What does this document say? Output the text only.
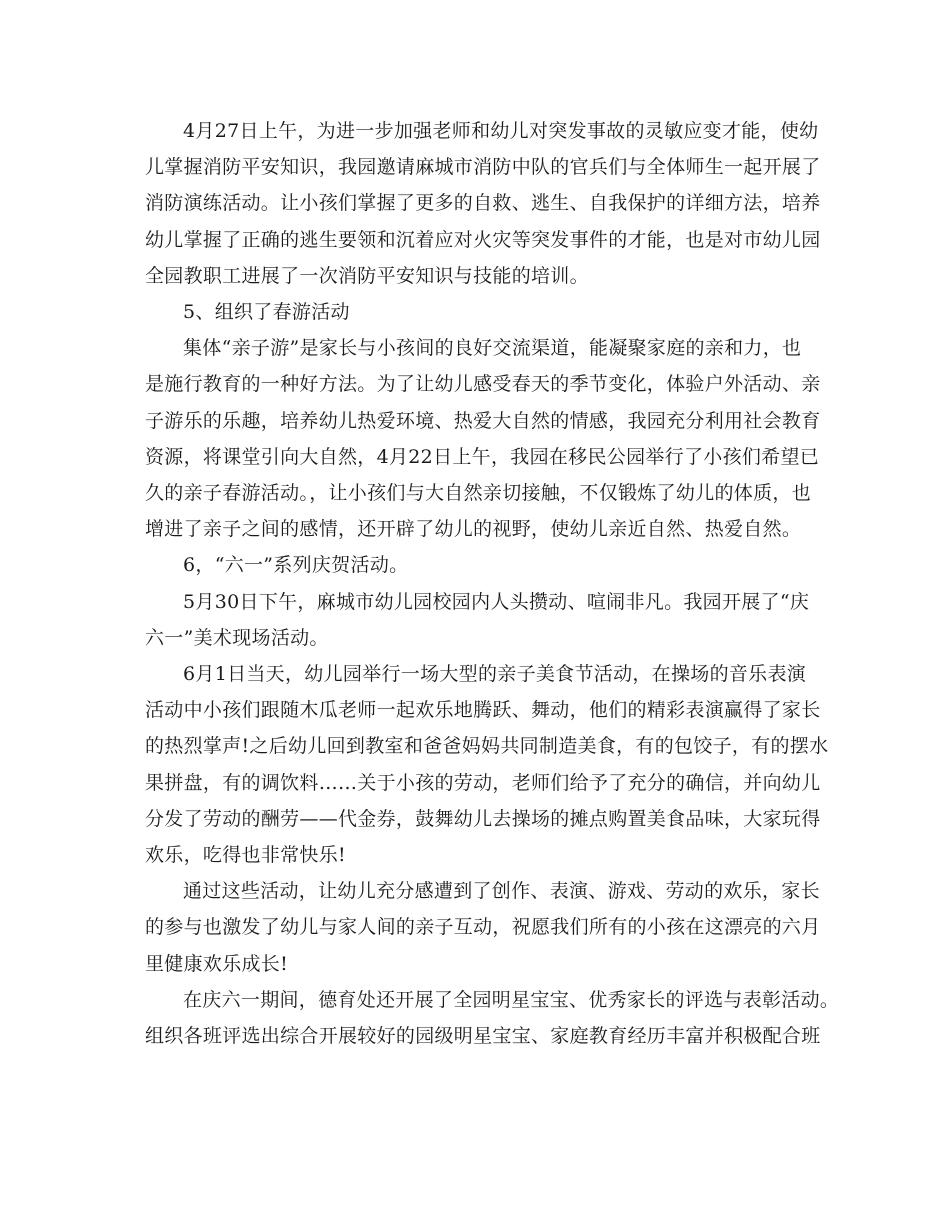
4月27日上午，为进一步加强老师和幼儿对突发事故的灵敏应变才能，使幼
儿掌握消防平安知识，我园邀请麻城市消防中队的官兵们与全体师生一起开展了
消防演练活动。让小孩们掌握了更多的自救、逃生、自我保护的详细方法，培养
幼儿掌握了正确的逃生要领和沉着应对火灾等突发事件的才能，也是对市幼儿园
全园教职工进展了一次消防平安知识与技能的培训。

5、组织了春游活动

集体“亲子游”是家长与小孩间的良好交流渠道，能凝聚家庭的亲和力，也
是施行教育的一种好方法。为了让幼儿感受春天的季节变化，体验户外活动、亲
子游乐的乐趣，培养幼儿热爱环境、热爱大自然的情感，我园充分利用社会教育
资源，将课堂引向大自然，4月22日上午，我园在移民公园举行了小孩们希望已
久的亲子春游活动。，让小孩们与大自然亲切接触，不仅锻炼了幼儿的体质，也
增进了亲子之间的感情，还开辟了幼儿的视野，使幼儿亲近自然、热爱自然。

6，“六一”系列庆贺活动。

5月30日下午，麻城市幼儿园校园内人头攒动、喧闹非凡。我园开展了“庆
六一”美术现场活动。

6月1日当天，幼儿园举行一场大型的亲子美食节活动，在操场的音乐表演
活动中小孩们跟随木瓜老师一起欢乐地腾跃、舞动，他们的精彩表演赢得了家长
的热烈掌声!之后幼儿回到教室和爸爸妈妈共同制造美食，有的包饺子，有的摆水
果拼盘，有的调饮料……关于小孩的劳动，老师们给予了充分的确信，并向幼儿
分发了劳动的酬劳——代金券，鼓舞幼儿去操场的摊点购置美食品味，大家玩得
欢乐，吃得也非常快乐!

通过这些活动，让幼儿充分感遭到了创作、表演、游戏、劳动的欢乐，家长
的参与也激发了幼儿与家人间的亲子互动，祝愿我们所有的小孩在这漂亮的六月
里健康欢乐成长!

在庆六一期间，德育处还开展了全园明星宝宝、优秀家长的评选与表彰活动。
组织各班评选出综合开展较好的园级明星宝宝、家庭教育经历丰富并积极配合班
